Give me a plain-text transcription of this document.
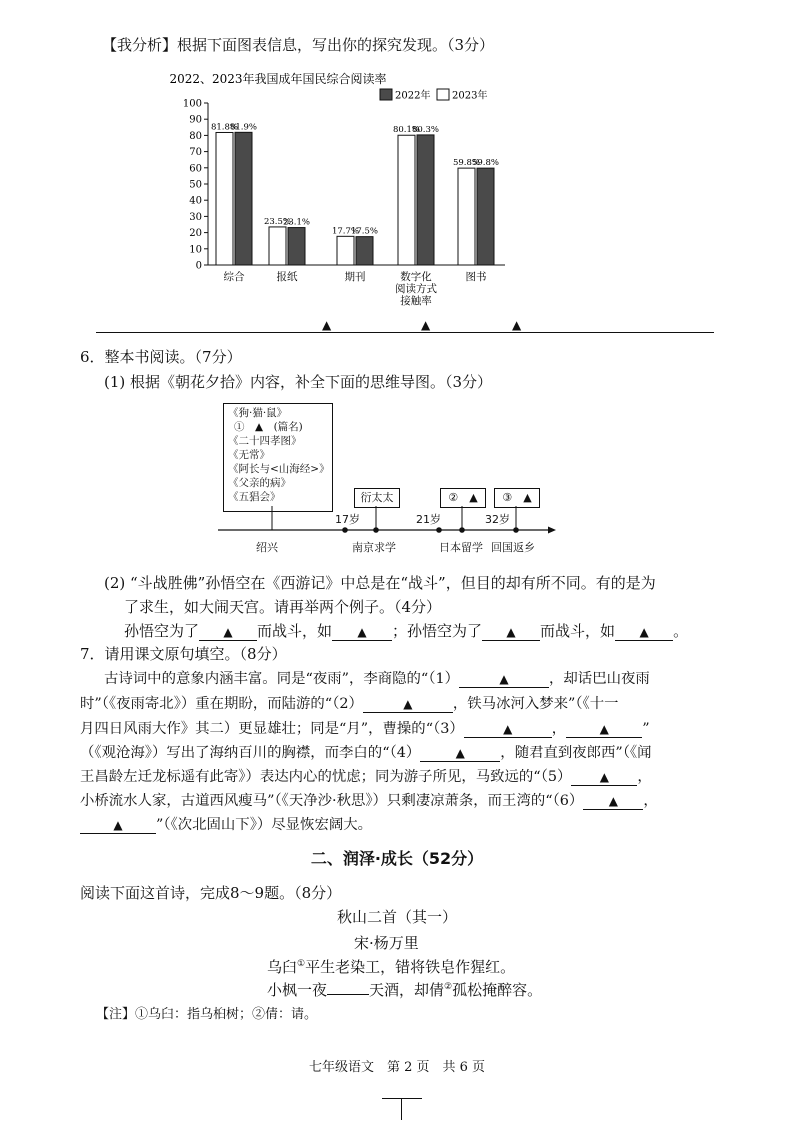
【我分析】根据下面图表信息，写出你的探究发现。（3分）
2022、2023年我国成年国民综合阅读率
2022年 2023年
0
10
20
30
40
50
60
70
80
90
100
综合	报纸	期刊	数字化
阅读方式
接触率
图书
81.8%
81.9%
23.5%
23.1%
17.7%
17.5%
80.1%
80.3%
59.8%
59.8%
▲	▲	▲
6．整本书阅读。（7分）
(1) 根据《朝花夕拾》内容，补全下面的思维导图。（3分）
《狗·猫·鼠》
①　▲　(篇名)
《二十四孝图》
《无常》
《阿长与<山海经>》
《父亲的病》
《五猖会》	衍太太	②　▲	③　▲
17岁	21岁	32岁
绍兴	南京求学	日本留学 回国返乡
(2) “斗战胜佛”孙悟空在《西游记》中总是在“战斗”，但目的却有所不同。有的是为
了求生，如大闹天宫。请再举两个例子。（4分）
孙悟空为了 ▲ 而战斗，如 ▲ ；孙悟空为了 ▲ 而战斗，如 ▲ 。
7．请用课文原句填空。（8分）
古诗词中的意象内涵丰富。同是“夜雨”，李商隐的“（1）	▲	，却话巴山夜雨
时”（《夜雨寄北》）重在期盼，而陆游的“（2）	▲	，铁马冰河入梦来”（《十一
月四日风雨大作》其二）更显雄壮；同是“月”，曹操的“（3）	▲	，	▲ ”
（《观沧海》）写出了海纳百川的胸襟，而李白的“（4）	▲ ，随君直到夜郎西”（《闻
王昌龄左迁龙标遥有此寄》）表达内心的忧虑；同为游子所见，马致远的“（5） ▲ ，
小桥流水人家，古道西风瘦马”（《天净沙·秋思》）只剩凄凉萧条，而王湾的“（6） ▲ ，
▲ ”（《次北固山下》）尽显恢宏阔大。
二、润泽·成长（52分）
阅读下面这首诗，完成8～9题。（8分）
秋山二首（其一）
宋·杨万里
乌臼①平生老染工，错将铁皂作猩红。
小枫一夜	天酒，却倩②孤松掩醉容。
【注】①乌臼：指乌桕树；②倩：请。
七年级语文　第 2 页　共 6 页
